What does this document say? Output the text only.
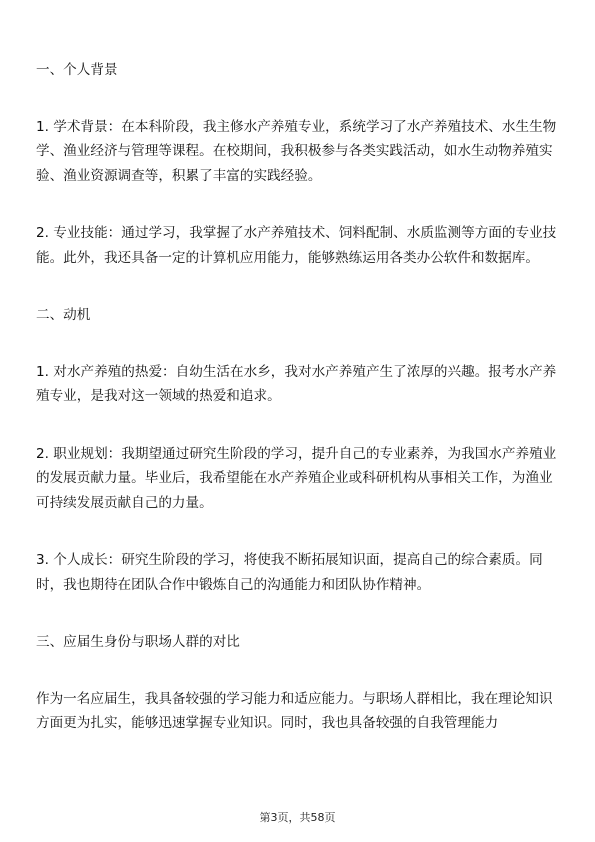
一、个人背景
1. 学术背景：在本科阶段，我主修水产养殖专业，系统学习了水产养殖技术、水生生物学、渔业经济与管理等课程。在校期间，我积极参与各类实践活动，如水生动物养殖实验、渔业资源调查等，积累了丰富的实践经验。
2. 专业技能：通过学习，我掌握了水产养殖技术、饲料配制、水质监测等方面的专业技能。此外，我还具备一定的计算机应用能力，能够熟练运用各类办公软件和数据库。
二、动机
1. 对水产养殖的热爱：自幼生活在水乡，我对水产养殖产生了浓厚的兴趣。报考水产养殖专业，是我对这一领域的热爱和追求。
2. 职业规划：我期望通过研究生阶段的学习，提升自己的专业素养，为我国水产养殖业的发展贡献力量。毕业后，我希望能在水产养殖企业或科研机构从事相关工作，为渔业可持续发展贡献自己的力量。
3. 个人成长：研究生阶段的学习，将使我不断拓展知识面，提高自己的综合素质。同时，我也期待在团队合作中锻炼自己的沟通能力和团队协作精神。
三、应届生身份与职场人群的对比
作为一名应届生，我具备较强的学习能力和适应能力。与职场人群相比，我在理论知识方面更为扎实，能够迅速掌握专业知识。同时，我也具备较强的自我管理能力
第3页，共58页
